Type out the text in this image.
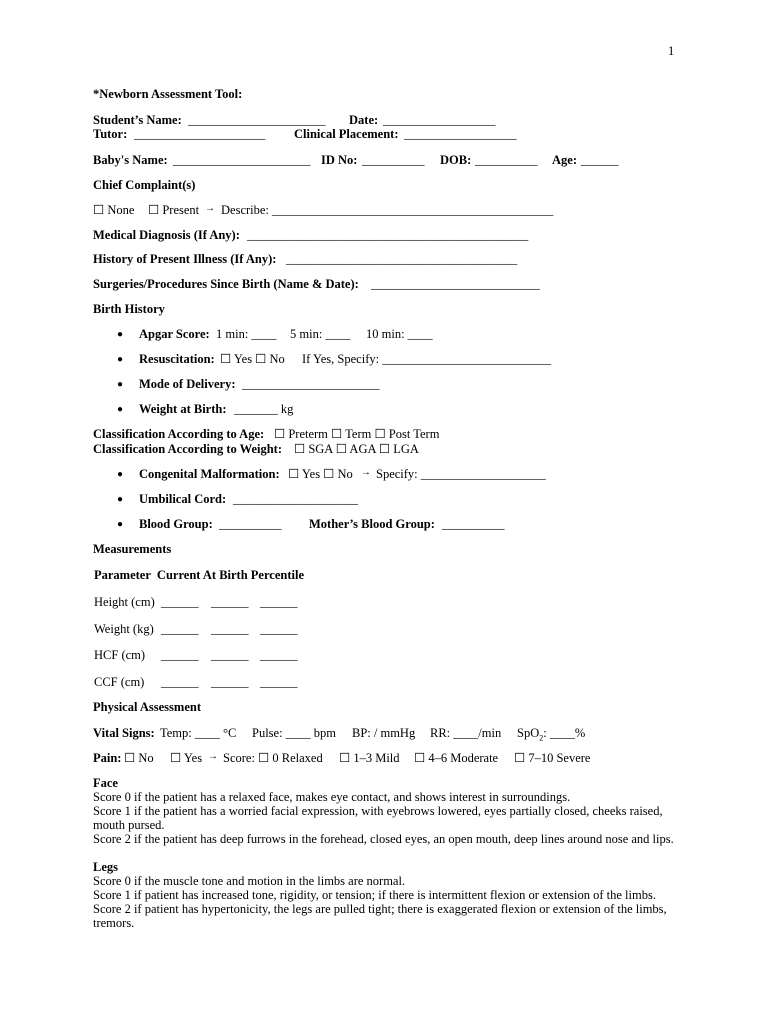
1
*Newborn Assessment Tool:
Student’s Name: ______________________ Date: __________________
Tutor: _____________________ Clinical Placement: __________________
Baby's Name: ______________________ ID No: __________ DOB: __________ Age: ______
Chief Complaint(s)
☐ None ☐ Present → Describe: _____________________________________________
Medical Diagnosis (If Any): _____________________________________________
History of Present Illness (If Any): _____________________________________
Surgeries/Procedures Since Birth (Name & Date): ___________________________
Birth History
● Apgar Score: 1 min: ____ 5 min: ____ 10 min: ____
● Resuscitation: ☐ Yes ☐ No If Yes, Specify: ___________________________
● Mode of Delivery: ______________________
● Weight at Birth: _______ kg
Classification According to Age: ☐ Preterm ☐ Term ☐ Post Term
Classification According to Weight: ☐ SGA ☐ AGA ☐ LGA
● Congenital Malformation: ☐ Yes ☐ No → Specify: ____________________
● Umbilical Cord: ____________________
● Blood Group: __________ Mother’s Blood Group: __________
Measurements
Parameter  Current At Birth Percentile
Height (cm) ______ ______ ______
Weight (kg) ______ ______ ______
HCF (cm) ______ ______ ______
CCF (cm) ______ ______ ______
Physical Assessment
Vital Signs: Temp: ____ °C Pulse: ____ bpm BP: / mmHg RR: ____/min SpO$_2$: ____%
Pain: ☐ No ☐ Yes → Score: ☐ 0 Relaxed ☐ 1–3 Mild ☐ 4–6 Moderate ☐ 7–10 Severe
Face
Score 0 if the patient has a relaxed face, makes eye contact, and shows interest in surroundings.
Score 1 if the patient has a worried facial expression, with eyebrows lowered, eyes partially closed, cheeks raised, mouth pursed.
Score 2 if the patient has deep furrows in the forehead, closed eyes, an open mouth, deep lines around nose and lips.
Legs
Score 0 if the muscle tone and motion in the limbs are normal.
Score 1 if patient has increased tone, rigidity, or tension; if there is intermittent flexion or extension of the limbs.
Score 2 if patient has hypertonicity, the legs are pulled tight; there is exaggerated flexion or extension of the limbs, tremors.
